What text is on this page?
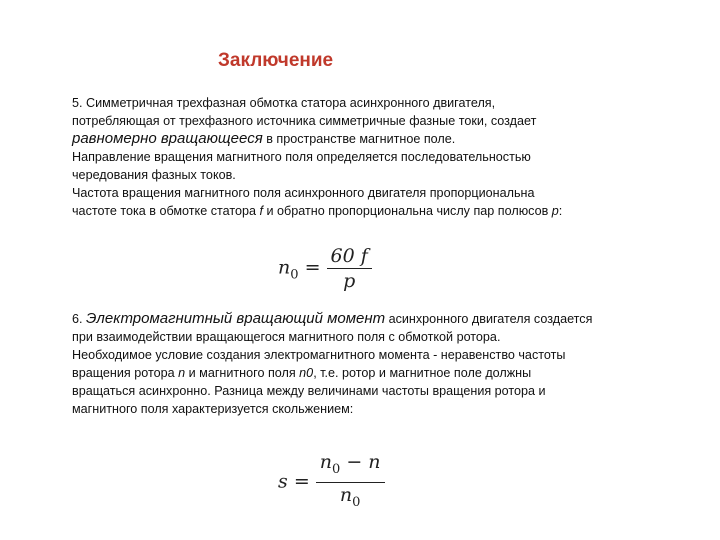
Заключение
5. Симметричная трехфазная обмотка статора асинхронного двигателя,
потребляющая от трехфазного источника симметричные фазные токи, создает
равномерно вращающееся в пространстве магнитное поле.
Направление вращения магнитного поля определяется последовательностью
чередования фазных токов.
Частота вращения магнитного поля асинхронного двигателя пропорциональна
частоте тока в обмотке статора f и обратно пропорциональна числу пар полюсов p:
$n_0 = \frac{60 f}{p}$
6. Электромагнитный вращающий момент асинхронного двигателя создается
при взаимодействии вращающегося магнитного поля с обмоткой ротора.
Необходимое условие создания электромагнитного момента - неравенство частоты
вращения ротора n и магнитного поля n0, т.е. ротор и магнитное поле должны
вращаться асинхронно. Разница между величинами частоты вращения ротора и
магнитного поля характеризуется скольжением:
$s = \frac{n_0 - n}{n_0}$
